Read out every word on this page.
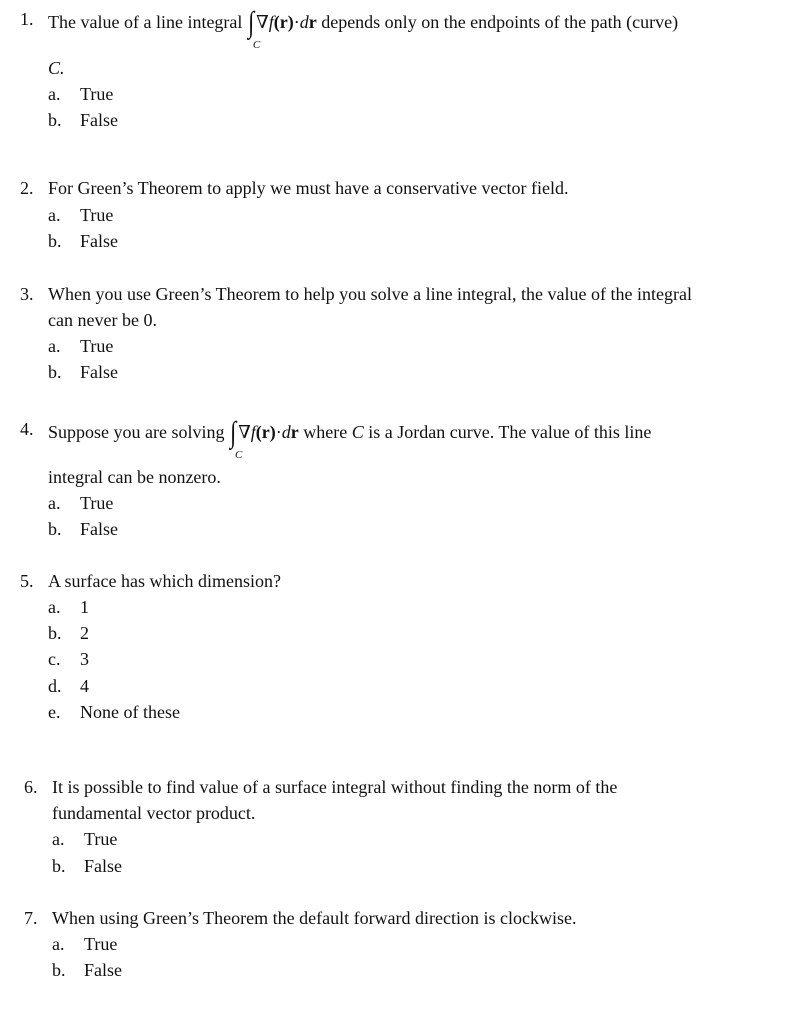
1. The value of a line integral ∫
C
∇f(r)·dr depends only on the endpoints of the path (curve)
C.
a. True
b. False
2. For Green’s Theorem to apply we must have a conservative vector field.
a. True
b. False
3. When you use Green’s Theorem to help you solve a line integral, the value of the integral
can never be 0.
a. True
b. False
4. Suppose you are solving ∫
C
∇f(r)·dr where C is a Jordan curve. The value of this line
integral can be nonzero.
a. True
b. False
5. A surface has which dimension?
a. 1
b. 2
c. 3
d. 4
e. None of these
6. It is possible to find value of a surface integral without finding the norm of the
fundamental vector product.
a. True
b. False
7. When using Green’s Theorem the default forward direction is clockwise.
a. True
b. False
